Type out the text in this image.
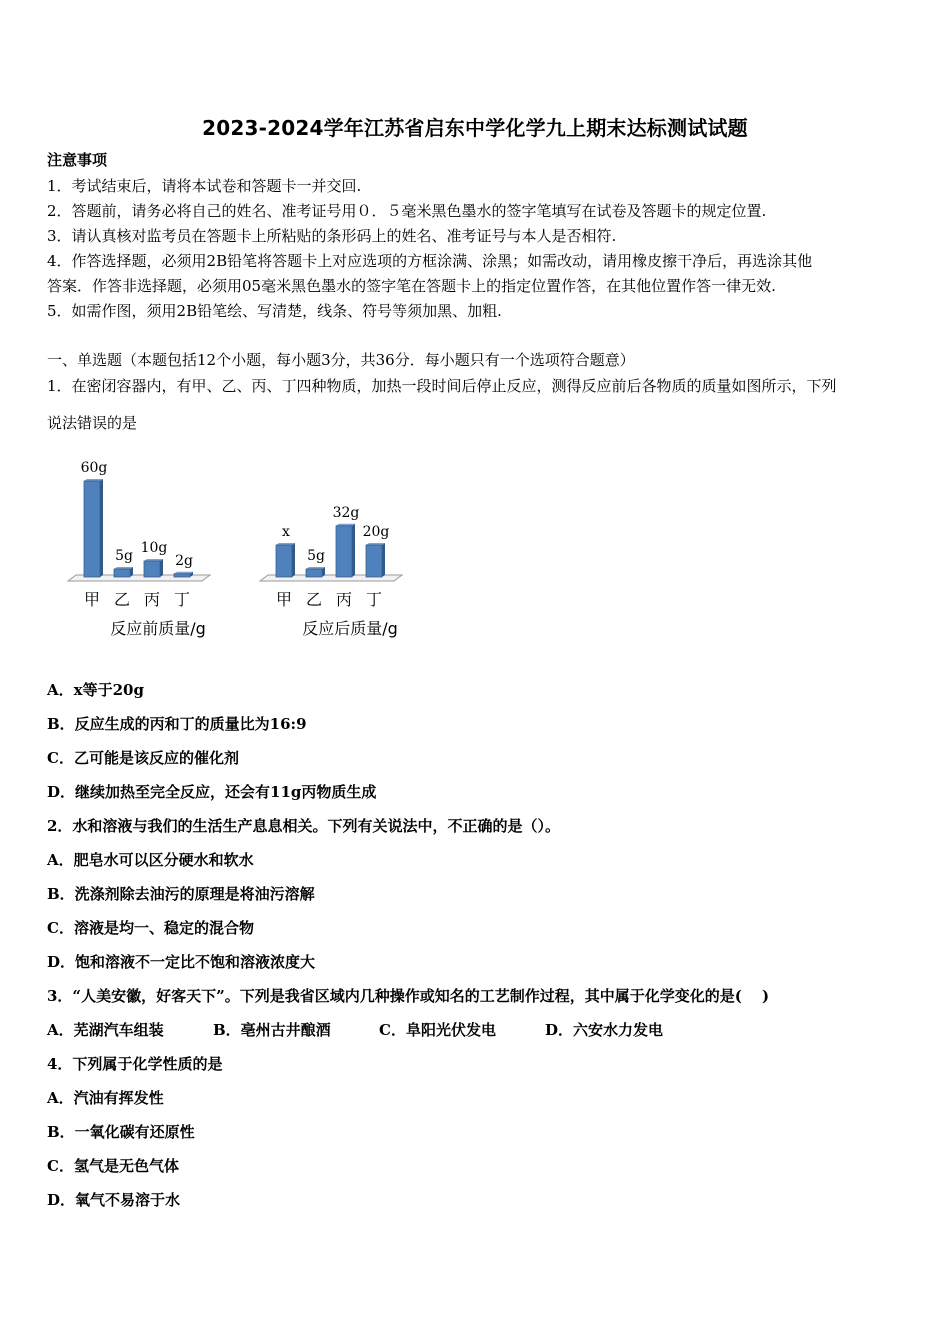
2023-2024学年江苏省启东中学化学九上期末达标测试试题
注意事项
1．考试结束后，请将本试卷和答题卡一并交回.
2．答题前，请务必将自己的姓名、准考证号用０．５毫米黑色墨水的签字笔填写在试卷及答题卡的规定位置.
3．请认真核对监考员在答题卡上所粘贴的条形码上的姓名、准考证号与本人是否相符.
4．作答选择题，必须用2B铅笔将答题卡上对应选项的方框涂满、涂黑；如需改动，请用橡皮擦干净后，再选涂其他
答案．作答非选择题，必须用05毫米黑色墨水的签字笔在答题卡上的指定位置作答，在其他位置作答一律无效.
5．如需作图，须用2B铅笔绘、写清楚，线条、符号等须加黑、加粗.
一、单选题（本题包括12个小题，每小题3分，共36分．每小题只有一个选项符合题意）
1．在密闭容器内，有甲、乙、丙、丁四种物质，加热一段时间后停止反应，测得反应前后各物质的质量如图所示，下列
说法错误的是
60g
甲
5g
乙
10g
丙
2g
丁
反应前质量/g
x
甲
5g
乙
32g
丙
20g
丁
反应后质量/g
A．x等于20g
B．反应生成的丙和丁的质量比为16:9
C．乙可能是该反应的催化剂
D．继续加热至完全反应，还会有11g丙物质生成
2．水和溶液与我们的生活生产息息相关。下列有关说法中，不正确的是（）。
A．肥皂水可以区分硬水和软水
B．洗涤剂除去油污的原理是将油污溶解
C．溶液是均一、稳定的混合物
D．饱和溶液不一定比不饱和溶液浓度大
3．“人美安徽，好客天下”。下列是我省区域内几种操作或知名的工艺制作过程，其中属于化学变化的是(　 )
A．芜湖汽车组装	B．亳州古井酿酒	C．阜阳光伏发电	D．六安水力发电
4．下列属于化学性质的是
A．汽油有挥发性
B．一氧化碳有还原性
C．氢气是无色气体
D．氧气不易溶于水
